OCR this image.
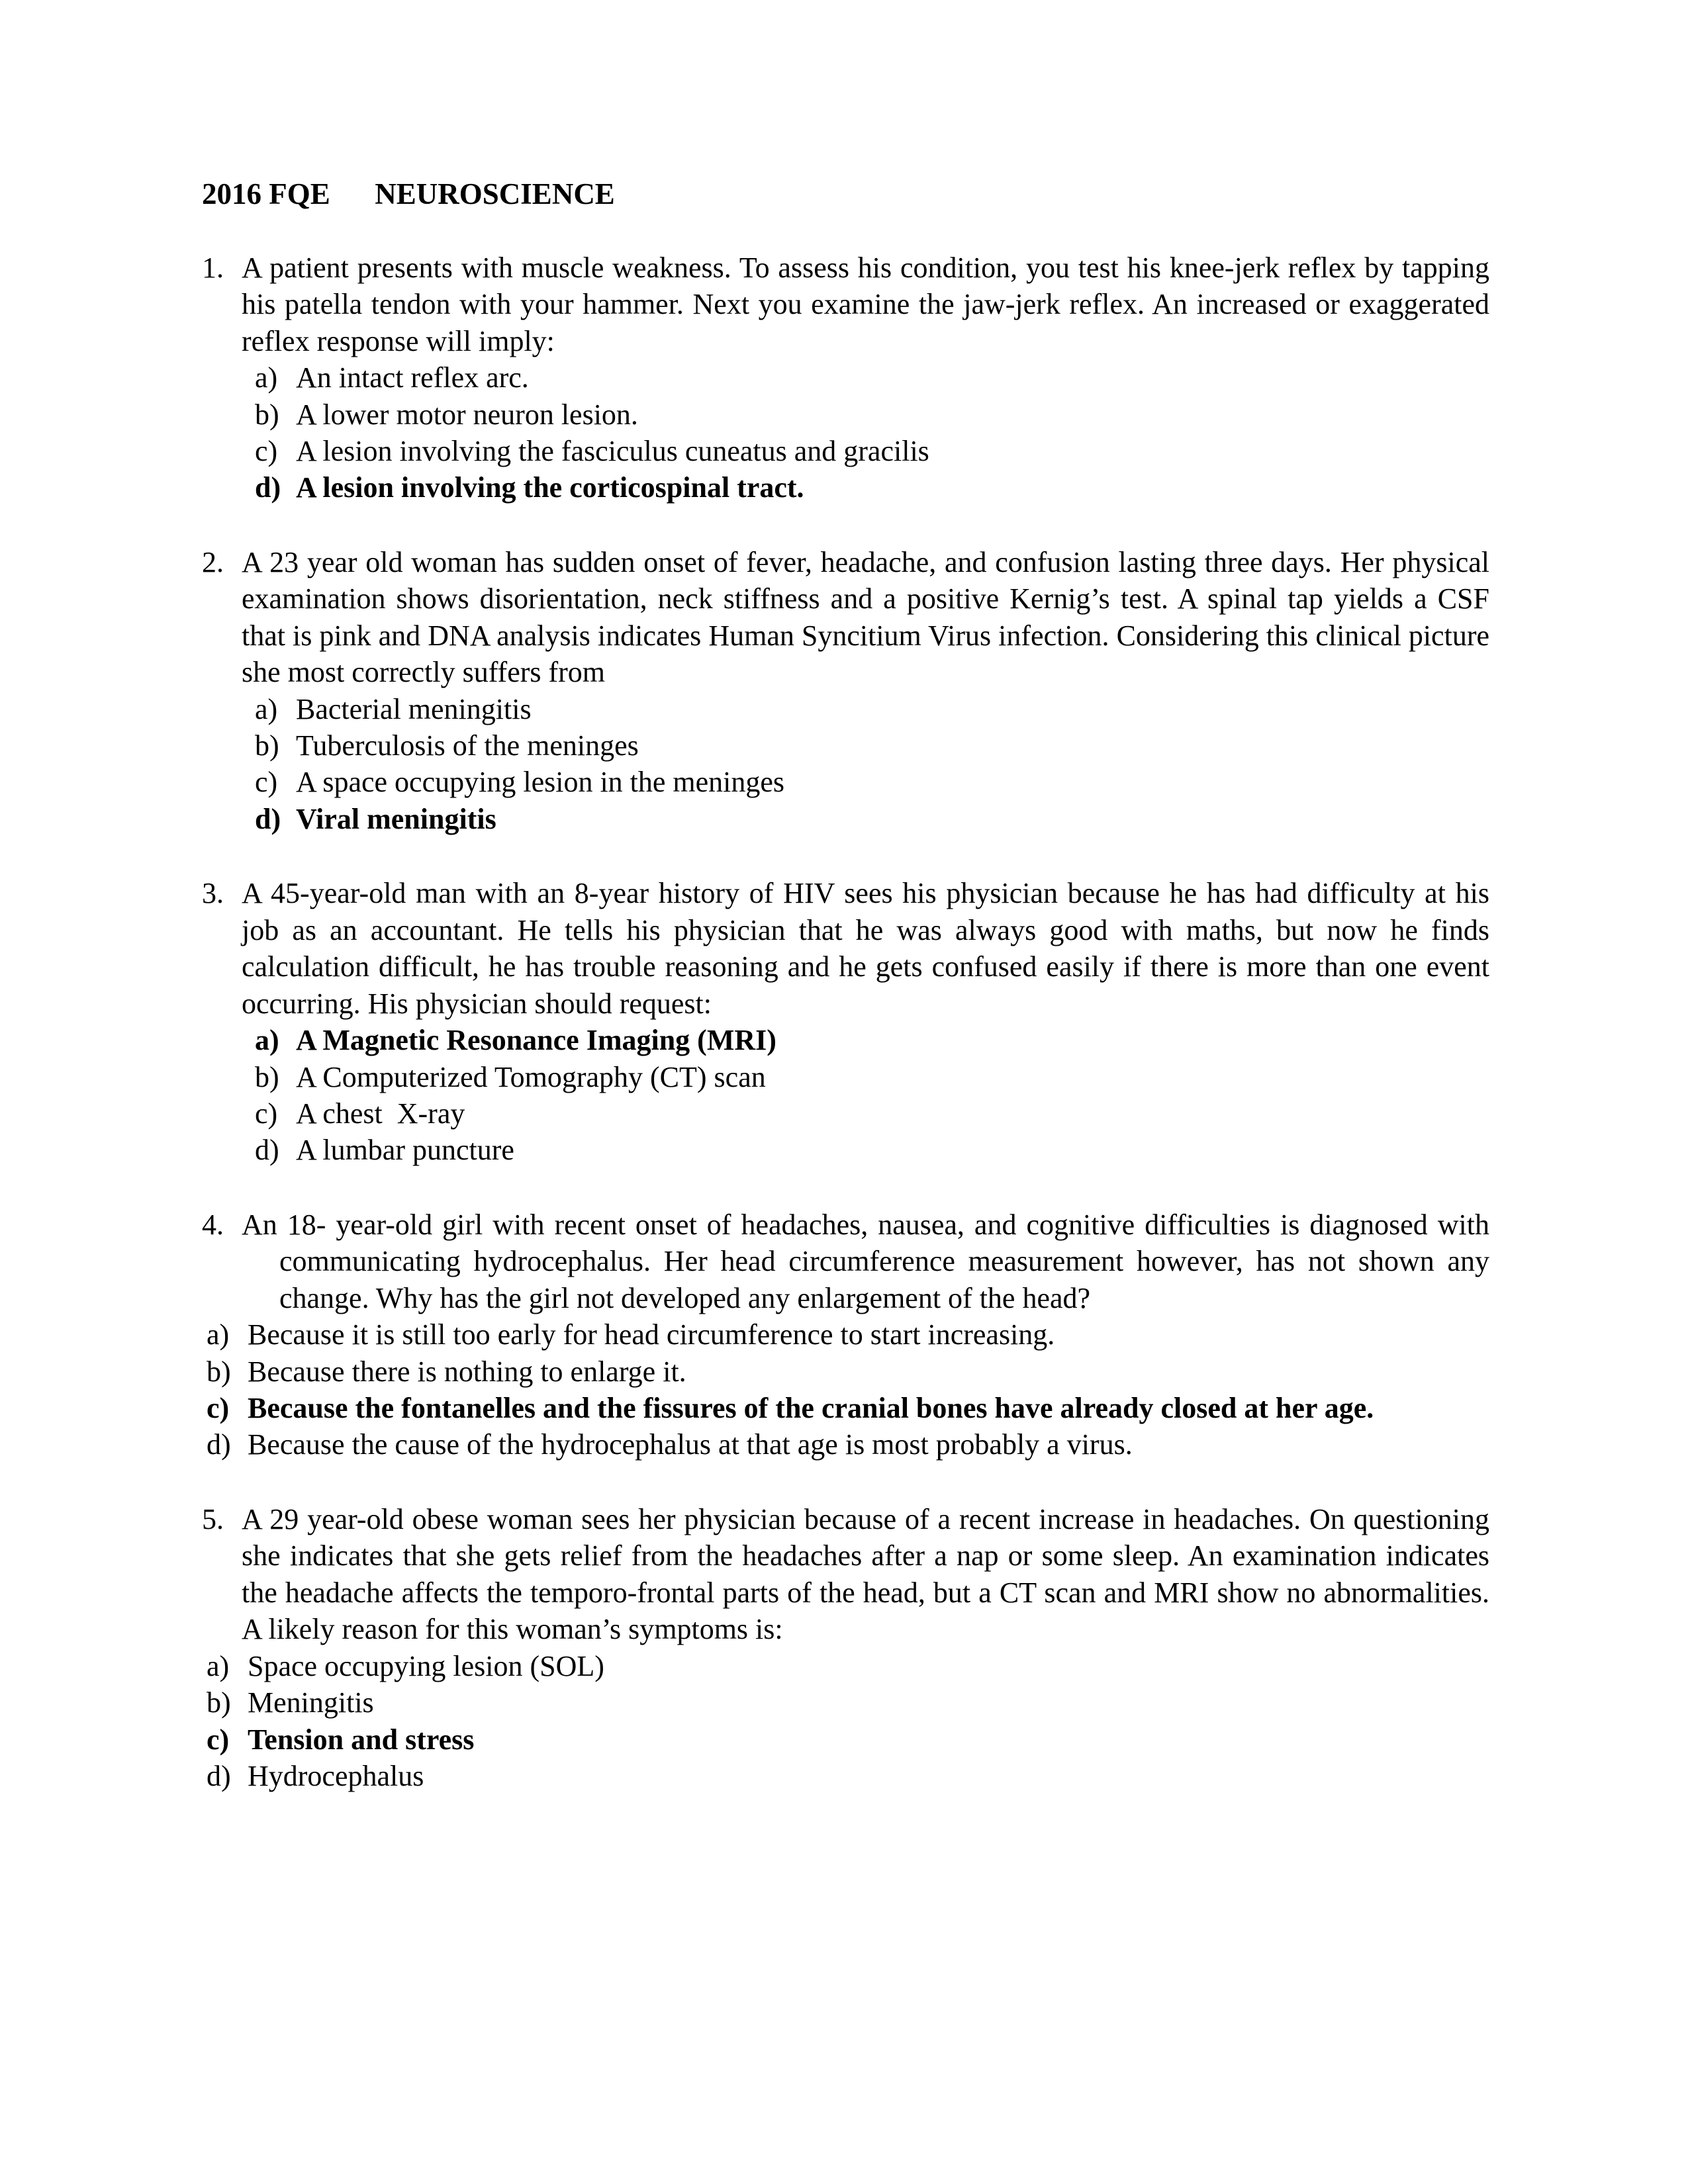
2016 FQE      NEUROSCIENCE
1. A patient presents with muscle weakness. To assess his condition, you test his knee-jerk reflex by tapping his patella tendon with your hammer. Next you examine the jaw-jerk reflex. An increased or exaggerated reflex response will imply:
a) An intact reflex arc.
b) A lower motor neuron lesion.
c) A lesion involving the fasciculus cuneatus and gracilis
d) A lesion involving the corticospinal tract.
2. A 23 year old woman has sudden onset of fever, headache, and confusion lasting three days. Her physical examination shows disorientation, neck stiffness and a positive Kernig’s test. A spinal tap yields a CSF that is pink and DNA analysis indicates Human Syncitium Virus infection. Considering this clinical picture she most correctly suffers from
a) Bacterial meningitis
b) Tuberculosis of the meninges
c) A space occupying lesion in the meninges
d) Viral meningitis
3. A 45-year-old man with an 8-year history of HIV sees his physician because he has had difficulty at his job as an accountant. He tells his physician that he was always good with maths, but now he finds calculation difficult, he has trouble reasoning and he gets confused easily if there is more than one event occurring. His physician should request:
a) A Magnetic Resonance Imaging (MRI)
b) A Computerized Tomography (CT) scan
c) A chest  X-ray
d) A lumbar puncture
4. An 18- year-old girl with recent onset of headaches, nausea, and cognitive difficulties is diagnosed with communicating hydrocephalus. Her head circumference measurement however, has not shown any change. Why has the girl not developed any enlargement of the head?
a) Because it is still too early for head circumference to start increasing.
b) Because there is nothing to enlarge it.
c) Because the fontanelles and the fissures of the cranial bones have already closed at her age.
d) Because the cause of the hydrocephalus at that age is most probably a virus.
5. A 29 year-old obese woman sees her physician because of a recent increase in headaches. On questioning she indicates that she gets relief from the headaches after a nap or some sleep. An examination indicates the headache affects the temporo-frontal parts of the head, but a CT scan and MRI show no abnormalities. A likely reason for this woman’s symptoms is:
a) Space occupying lesion (SOL)
b) Meningitis
c) Tension and stress
d) Hydrocephalus
